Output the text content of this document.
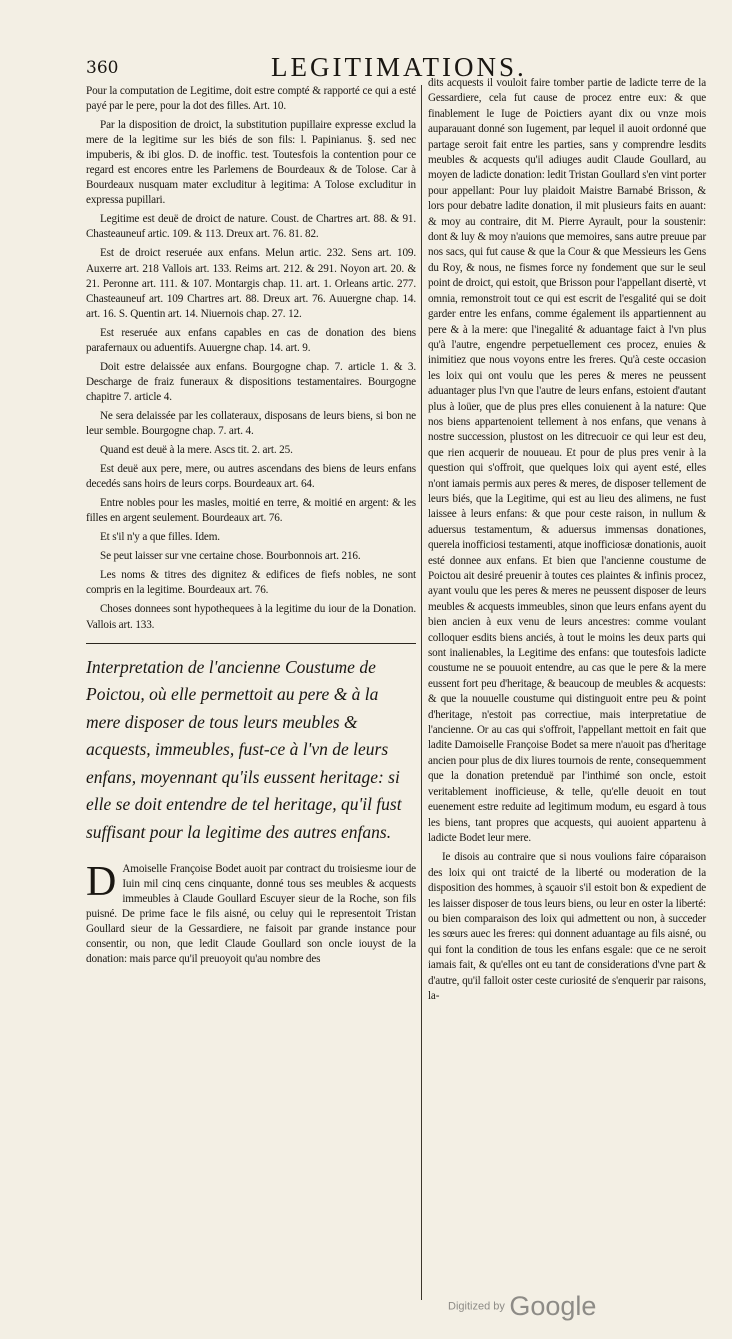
360	LEGITIMATIONS.

Pour la computation de Legitime, doit estre compté & rapporté ce qui a esté payé par le pere, pour la dot des filles. Art. 10.

Par la disposition de droict, la substitution pupillaire expresse exclud la mere de la legitime sur les biés de son fils: l. Papinianus. §. sed nec impuberis, & ibi glos. D. de inoffic. test. Toutesfois la contention pour ce regard est encores entre les Parlemens de Bourdeaux & de Tolose. Car à Bourdeaux nusquam mater excluditur à legitima: A Tolose excluditur in expressa pupillari.

Legitime est deuë de droict de nature. Coust. de Chartres art. 88. & 91. Chasteauneuf artic. 109. & 113. Dreux art. 76. 81. 82.

Est de droict reseruée aux enfans. Melun artic. 232. Sens art. 109. Auxerre art. 218 Vallois art. 133. Reims art. 212. & 291. Noyon art. 20. & 21. Peronne art. 111. & 107. Montargis chap. 11. art. 1. Orleans artic. 277. Chasteauneuf art. 109 Chartres art. 88. Dreux art. 76. Auuergne chap. 14. art. 16. S. Quentin art. 14. Niuernois chap. 27. 12.

Est reseruée aux enfans capables en cas de donation des biens parafernaux ou aduentifs. Auuergne chap. 14. art. 9.

Doit estre delaissée aux enfans. Bourgogne chap. 7. article 1. & 3. Descharge de fraiz funeraux & dispositions testamentaires. Bourgogne chapitre 7. article 4.

Ne sera delaissée par les collateraux, disposans de leurs biens, si bon ne leur semble. Bourgogne chap. 7. art. 4.

Quand est deuë à la mere. Ascs tit. 2. art. 25.

Est deuë aux pere, mere, ou autres ascendans des biens de leurs enfans decedés sans hoirs de leurs corps. Bourdeaux art. 64.

Entre nobles pour les masles, moitié en terre, & moitié en argent: & les filles en argent seulement. Bourdeaux art. 76.

Et s'il n'y a que filles. Idem.

Se peut laisser sur vne certaine chose. Bourbonnois art. 216.

Les noms & titres des dignitez & edifices de fiefs nobles, ne sont compris en la legitime. Bourdeaux art. 76.

Choses donnees sont hypothequees à la legitime du iour de la Donation. Vallois art. 133.

Interpretation de l'ancienne Coustume de Poictou, où elle permettoit au pere & à la mere disposer de tous leurs meubles & acquests, immeubles, fust-ce à l'vn de leurs enfans, moyennant qu'ils eussent heritage: si elle se doit entendre de tel heritage, qu'il fust suffisant pour la legitime des autres enfans.

D Amoiselle Françoise Bodet auoit par contract du troisiesme iour de Iuin mil cinq cens cinquante, donné tous ses meubles & acquests immeubles à Claude Goullard Escuyer sieur de la Roche, son fils puisné. De prime face le fils aisné, ou celuy qui le representoit Tristan Goullard sieur de la Gessardiere, ne faisoit par grande instance pour consentir, ou non, que ledit Claude Goullard son oncle iouyst de la donation: mais parce qu'il preuoyoit qu'au nombre des

dits acquests il vouloit faire tomber partie de ladicte terre de la Gessardiere, cela fut cause de procez entre eux: & que finablement le Iuge de Poictiers ayant dix ou vnze mois auparauant donné son Iugement, par lequel il auoit ordonné que partage seroit fait entre les parties, sans y comprendre lesdits meubles & acquests qu'il adiuges audit Claude Goullard, au moyen de ladicte donation: ledit Tristan Goullard s'en vint porter pour appellant: Pour luy plaidoit Maistre Barnabé Brisson, & lors pour debatre ladite donation, il mit plusieurs faits en auant: & moy au contraire, dit M. Pierre Ayrault, pour la soustenir: dont & luy & moy n'auions que memoires, sans autre preuue par nos sacs, qui fut cause & que la Cour & que Messieurs les Gens du Roy, & nous, ne fismes force ny fondement que sur le seul point de droict, qui estoit, que Brisson pour l'appellant disertè, vt omnia, remonstroit tout ce qui est escrit de l'esgalité qui se doit garder entre les enfans, comme également ils appartiennent au pere & à la mere: que l'inegalité & aduantage faict à l'vn plus qu'à l'autre, engendre perpetuellement ces procez, enuies & inimitiez que nous voyons entre les freres. Qu'à ceste occasion les loix qui ont voulu que les peres & meres ne peussent aduantager plus l'vn que l'autre de leurs enfans, estoient d'autant plus à loüer, que de plus pres elles conuienent à la nature: Que nos biens appartenoient tellement à nos enfans, que venans à nostre succession, plustost on les ditrecuoir ce qui leur est deu, que rien acquerir de nouueau. Et pour de plus pres venir à la question qui s'offroit, que quelques loix qui ayent esté, elles n'ont iamais permis aux peres & meres, de disposer tellement de leurs biés, que la Legitime, qui est au lieu des alimens, ne fust laissee à leurs enfans: & que pour ceste raison, in nullum & aduersus testamentum, & aduersus immensas donationes, querela inofficiosi testamenti, atque inofficiosæ donationis, auoit esté donnee aux enfans. Et bien que l'ancienne coustume de Poictou ait desiré preuenir à toutes ces plaintes & infinis procez, ayant voulu que les peres & meres ne peussent disposer de leurs meubles & acquests immeubles, sinon que leurs enfans ayent du bien ancien à eux venu de leurs ancestres: comme voulant colloquer esdits biens anciés, à tout le moins les deux parts qui sont inalienables, la Legitime des enfans: que toutesfois ladicte coustume ne se pouuoit entendre, au cas que le pere & la mere eussent fort peu d'heritage, & beaucoup de meubles & acquests: & que la nouuelle coustume qui distinguoit entre peu & point d'heritage, n'estoit pas correctiue, mais interpretatiue de l'ancienne. Or au cas qui s'offroit, l'appellant mettoit en fait que ladite Damoiselle Françoise Bodet sa mere n'auoit pas d'heritage ancien pour plus de dix liures tournois de rente, consequemment que la donation pretenduë par l'inthimé son oncle, estoit veritablement inofficieuse, & telle, qu'elle deuoit en tout euenement estre reduite ad legitimum modum, eu esgard à tous les biens, tant propres que acquests, qui auoient appartenu à ladicte Bodet leur mere.

Ie disois au contraire que si nous voulions faire cóparaison des loix qui ont traicté de la liberté ou moderation de la disposition des hommes, à sçauoir s'il estoit bon & expedient de les laisser disposer de tous leurs biens, ou leur en oster la liberté: ou bien comparaison des loix qui admettent ou non, à succeder les sœurs auec les freres: qui donnent aduantage au fils aisné, ou qui font la condition de tous les enfans esgale: que ce ne seroit iamais fait, & qu'elles ont eu tant de considerations d'vne part & d'autre, qu'il falloit oster ceste curiosité de s'enquerir par raisons, la-

Digitized by Google
